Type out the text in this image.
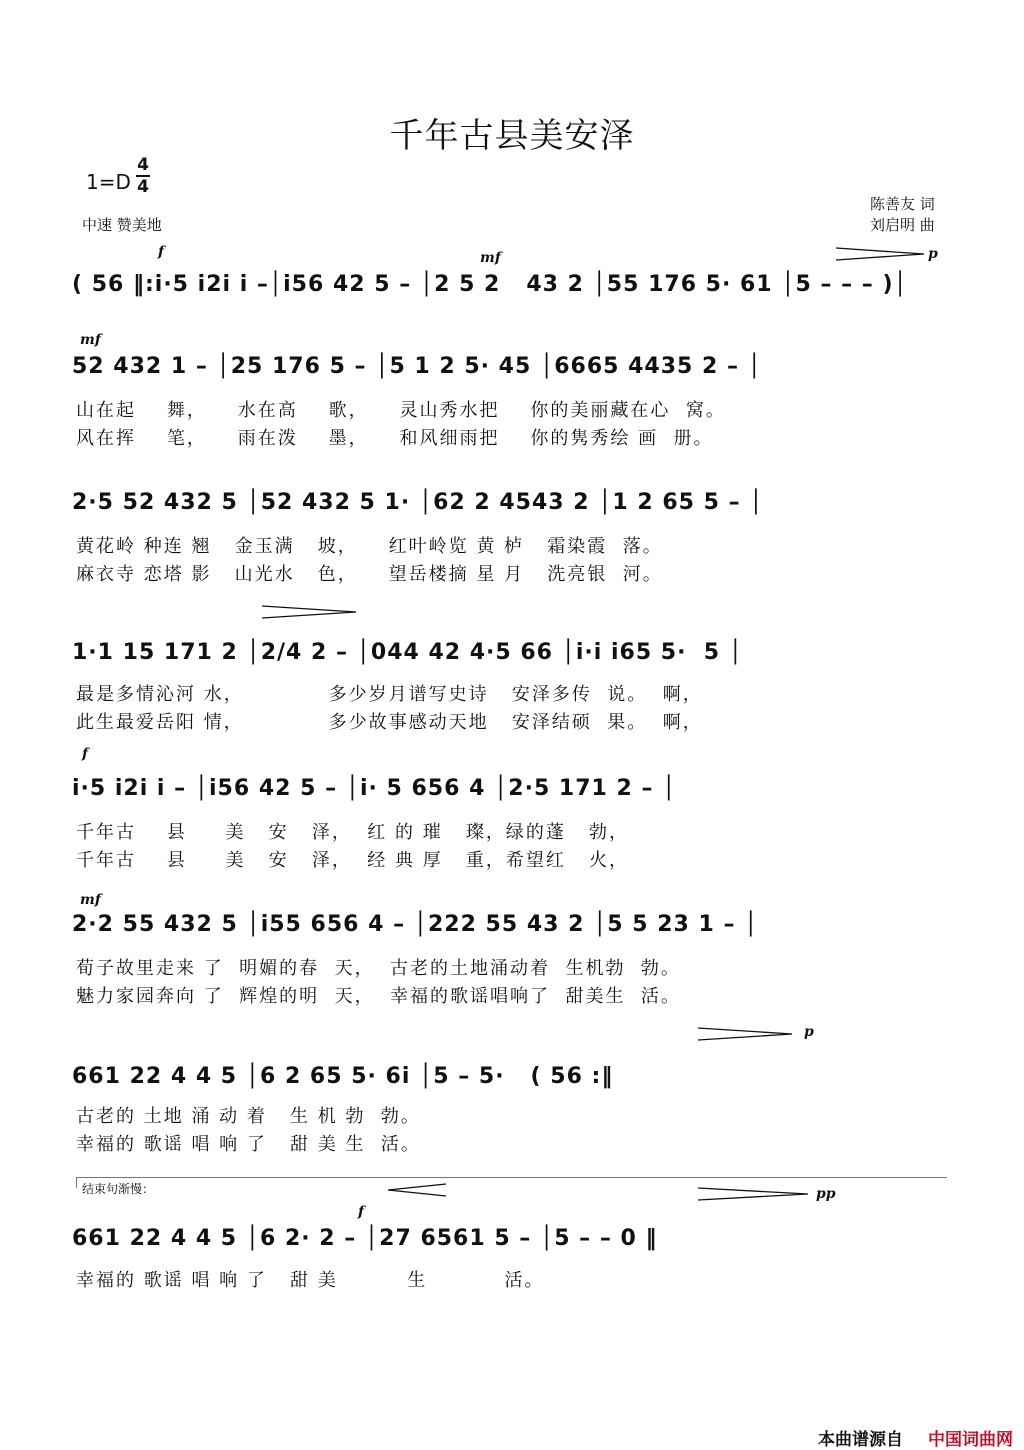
千年古县美安泽
1=D
4
4
中速 赞美地
陈善友 词
刘启明 曲
f	mf	p
( 56 ‖:i·5 i2i i –│i56 42 5 – │2 5 2   43 2 │55 176 5· 61 │5 – – – )│
mf
52 432 1 – │25 176 5 – │5 1 2 5· 45 │6665 4435 2 – │
山在起    舞，    水在高    歌，    灵山秀水把    你的美丽藏在心  窝。
风在挥    笔，    雨在泼    墨，    和风细雨把    你的隽秀绘 画  册。
2·5 52 432 5 │52 432 5 1· │62 2 4543 2 │1 2 65 5 – │
黄花岭 种连 翘   金玉满   坡，    红叶岭览 黄 栌   霜染霞  落。
麻衣寺 恋塔 影   山光水   色，    望岳楼摘 星 月   洗亮银  河。
1·1 15 171 2 │2/4 2 – │044 42 4·5 66 │i·i i65 5·  5 │
最是多情沁河 水，           多少岁月谱写史诗   安泽多传  说。  啊，
此生最爱岳阳 情，           多少故事感动天地   安泽结硕  果。  啊，
f
i·5 i2i i – │i56 42 5 – │i· 5 656 4 │2·5 171 2 – │
千年古    县     美   安   泽，  红 的 璀   璨，绿的蓬   勃，
千年古    县     美   安   泽，  经 典 厚   重，希望红   火，
mf
2·2 55 432 5 │i55 656 4 – │222 55 43 2 │5 5 23 1 – │
荀子故里走来 了  明媚的春  天，  古老的土地涌动着  生机勃  勃。
魅力家园奔向 了  辉煌的明  天，  幸福的歌谣唱响了  甜美生  活。
p
661 22 4 4 5 │6 2 65 5· 6i │5 – 5·   ( 56 :‖
古老的 土地 涌 动 着   生 机 勃  勃。
幸福的 歌谣 唱 响 了   甜 美 生  活。
结束句渐慢：
f
pp
661 22 4 4 5 │6 2· 2 – │27 6561 5 – │5 – – 0 ‖
幸福的 歌谣 唱 响 了   甜 美         生          活。
本曲谱源自 中国词曲网
